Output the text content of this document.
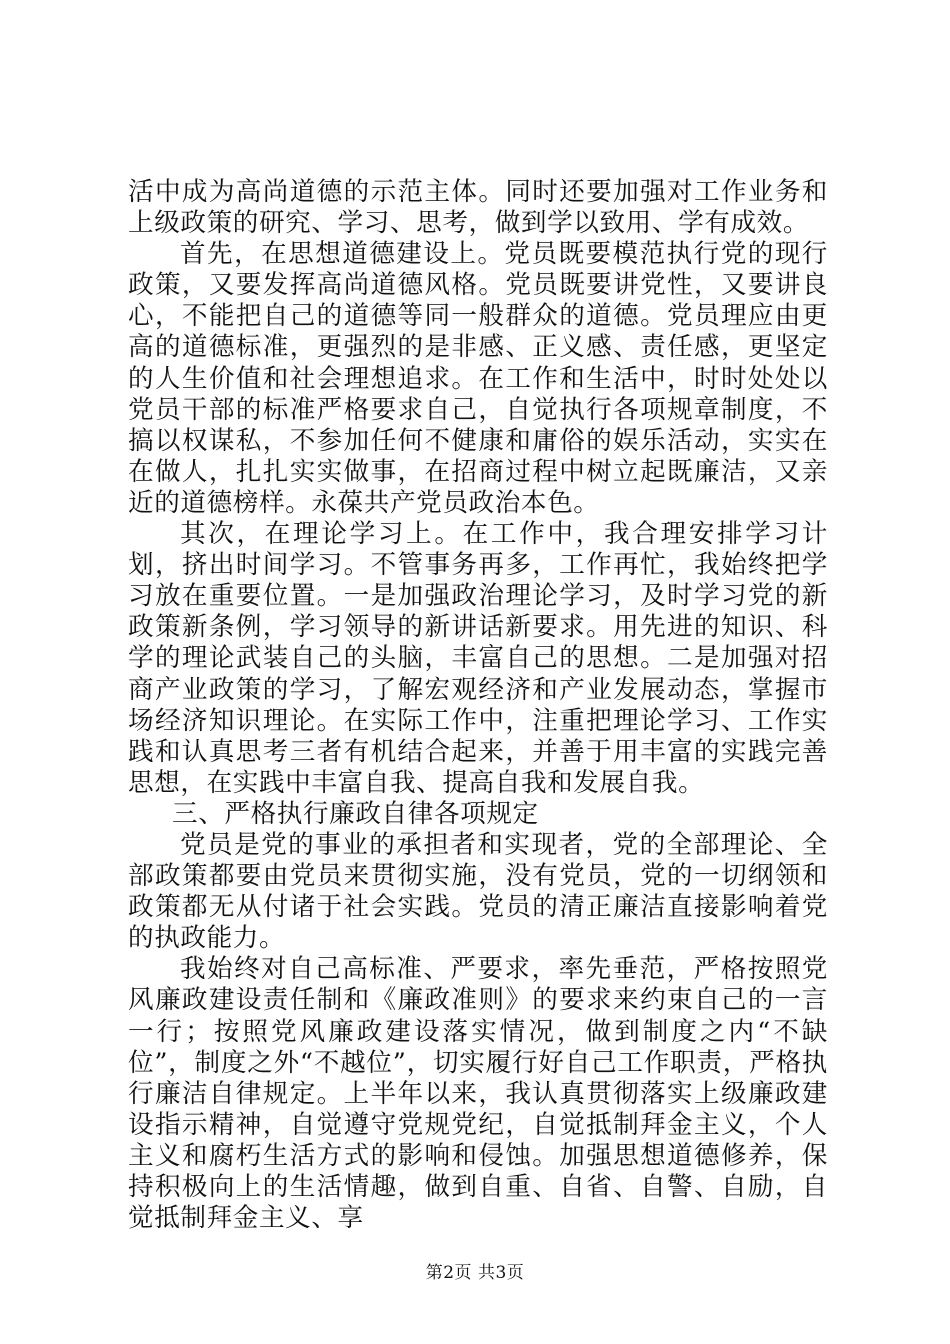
活中成为高尚道德的示范主体。同时还要加强对工作业务和上级政策的研究、学习、思考，做到学以致用、学有成效。

首先，在思想道德建设上。党员既要模范执行党的现行政策，又要发挥高尚道德风格。党员既要讲党性，又要讲良心，不能把自己的道德等同一般群众的道德。党员理应由更高的道德标准，更强烈的是非感、正义感、责任感，更坚定的人生价值和社会理想追求。在工作和生活中，时时处处以党员干部的标准严格要求自己，自觉执行各项规章制度，不搞以权谋私，不参加任何不健康和庸俗的娱乐活动，实实在在做人，扎扎实实做事，在招商过程中树立起既廉洁，又亲近的道德榜样。永葆共产党员政治本色。

其次，在理论学习上。在工作中，我合理安排学习计划，挤出时间学习。不管事务再多，工作再忙，我始终把学习放在重要位置。一是加强政治理论学习，及时学习党的新政策新条例，学习领导的新讲话新要求。用先进的知识、科学的理论武装自己的头脑，丰富自己的思想。二是加强对招商产业政策的学习，了解宏观经济和产业发展动态，掌握市场经济知识理论。在实际工作中，注重把理论学习、工作实践和认真思考三者有机结合起来，并善于用丰富的实践完善思想，在实践中丰富自我、提高自我和发展自我。

三、严格执行廉政自律各项规定

党员是党的事业的承担者和实现者，党的全部理论、全部政策都要由党员来贯彻实施，没有党员，党的一切纲领和政策都无从付诸于社会实践。党员的清正廉洁直接影响着党的执政能力。

我始终对自己高标准、严要求，率先垂范，严格按照党风廉政建设责任制和《廉政准则》的要求来约束自己的一言一行；按照党风廉政建设落实情况，做到制度之内“不缺位”，制度之外“不越位”，切实履行好自己工作职责，严格执行廉洁自律规定。上半年以来，我认真贯彻落实上级廉政建设指示精神，自觉遵守党规党纪，自觉抵制拜金主义，个人主义和腐朽生活方式的影响和侵蚀。加强思想道德修养，保持积极向上的生活情趣，做到自重、自省、自警、自励，自觉抵制拜金主义、享

第2页 共3页
